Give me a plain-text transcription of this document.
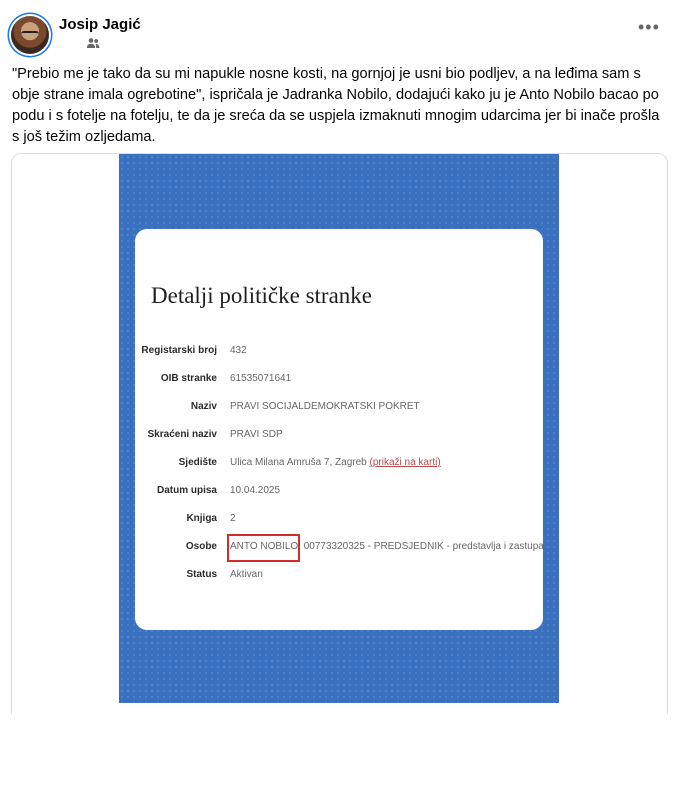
Josip Jagić	•••
"Prebio me je tako da su mi napukle nosne kosti, na gornjoj je usni bio podljev, a na leđima sam s obje strane imala ogrebotine", ispričala je Jadranka Nobilo, dodajući kako ju je Anto Nobilo bacao po podu i s fotelje na fotelju, te da je sreća da se uspjela izmaknuti mnogim udarcima jer bi inače prošla s još težim ozljedama.
Detalji političke stranke
Registarski broj 432
OIB stranke 61535071641
Naziv PRAVI SOCIJALDEMOKRATSKI POKRET
Skraćeni naziv PRAVI SDP
Sjedište Ulica Milana Amruša 7, Zagreb (prikaži na karti)
Datum upisa 10.04.2025
Knjiga 2
Osobe ANTO NOBILO, 00773320325 - PREDSJEDNIK - predstavlja i zastupa;
Status Aktivan
